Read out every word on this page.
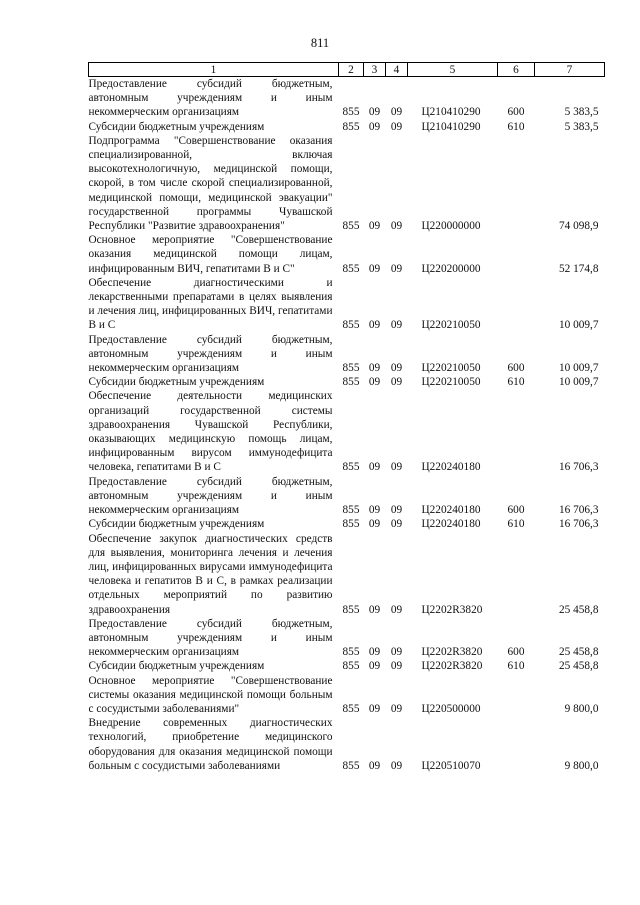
811
1	2	3	4	5	6	7
Предоставление субсидий бюджетным, автономным учреждениям и иным некоммерческим организациям	855	09	09	Ц210410290	600	5 383,5
Субсидии бюджетным учреждениям	855	09	09	Ц210410290	610	5 383,5
Подпрограмма "Совершенствование оказания специализированной, включая высокотехнологичную, медицинской помощи, скорой, в том числе скорой специализированной, медицинской помощи, медицинской эвакуации" государственной программы Чувашской Республики "Развитие здравоохранения"	855	09	09	Ц220000000		74 098,9
Основное мероприятие "Совершенствование оказания медицинской помощи лицам, инфицированным ВИЧ, гепатитами B и C"	855	09	09	Ц220200000		52 174,8
Обеспечение диагностическими и лекарственными препаратами в целях выявления и лечения лиц, инфицированных ВИЧ, гепатитами B и C	855	09	09	Ц220210050		10 009,7
Предоставление субсидий бюджетным, автономным учреждениям и иным некоммерческим организациям	855	09	09	Ц220210050	600	10 009,7
Субсидии бюджетным учреждениям	855	09	09	Ц220210050	610	10 009,7
Обеспечение деятельности медицинских организаций государственной системы здравоохранения Чувашской Республики, оказывающих медицинскую помощь лицам, инфицированным вирусом иммунодефицита человека, гепатитами B и C	855	09	09	Ц220240180		16 706,3
Предоставление субсидий бюджетным, автономным учреждениям и иным некоммерческим организациям	855	09	09	Ц220240180	600	16 706,3
Субсидии бюджетным учреждениям	855	09	09	Ц220240180	610	16 706,3
Обеспечение закупок диагностических средств для выявления, мониторинга лечения и лечения лиц, инфицированных вирусами иммунодефицита человека и гепатитов B и C, в рамках реализации отдельных мероприятий по развитию здравоохранения	855	09	09	Ц2202R3820		25 458,8
Предоставление субсидий бюджетным, автономным учреждениям и иным некоммерческим организациям	855	09	09	Ц2202R3820	600	25 458,8
Субсидии бюджетным учреждениям	855	09	09	Ц2202R3820	610	25 458,8
Основное мероприятие "Совершенствование системы оказания медицинской помощи больным с сосудистыми заболеваниями"	855	09	09	Ц220500000		9 800,0
Внедрение современных диагностических технологий, приобретение медицинского оборудования для оказания медицинской помощи больным с сосудистыми заболеваниями	855	09	09	Ц220510070		9 800,0
